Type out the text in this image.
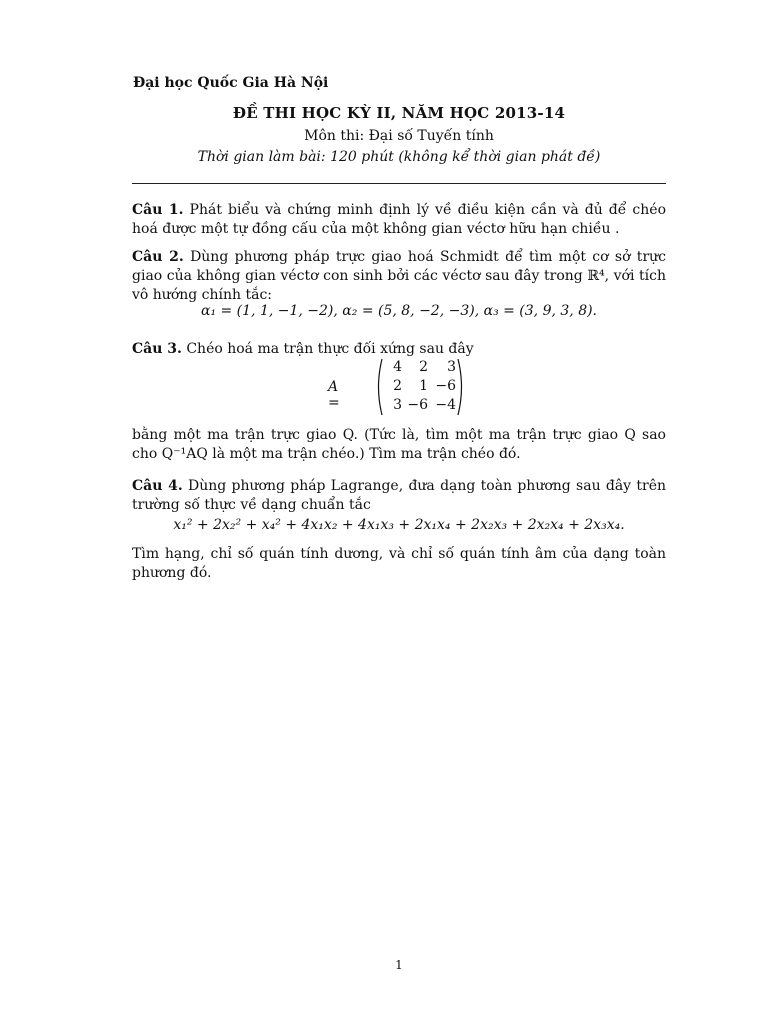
Đại học Quốc Gia Hà Nội
ĐỀ THI HỌC KỲ II, NĂM HỌC 2013-14
Môn thi: Đại số Tuyến tính
Thời gian làm bài: 120 phút (không kể thời gian phát đề)
Câu 1. Phát biểu và chứng minh định lý về điều kiện cần và đủ để chéo hoá được một tự đồng cấu của một không gian véctơ hữu hạn chiều .
Câu 2. Dùng phương pháp trực giao hoá Schmidt để tìm một cơ sở trực giao của không gian véctơ con sinh bởi các véctơ sau đây trong ℝ⁴, với tích vô hướng chính tắc:
α₁ = (1, 1, −1, −2), α₂ = (5, 8, −2, −3), α₃ = (3, 9, 3, 8).
Câu 3. Chéo hoá ma trận thực đối xứng sau đây
A =
4	2	3
2	1 −6
3 −6 −4
bằng một ma trận trực giao Q. (Tức là, tìm một ma trận trực giao Q sao cho Q⁻¹AQ là một ma trận chéo.) Tìm ma trận chéo đó.
Câu 4. Dùng phương pháp Lagrange, đưa dạng toàn phương sau đây trên trường số thực về dạng chuẩn tắc
x₁² + 2x₂² + x₄² + 4x₁x₂ + 4x₁x₃ + 2x₁x₄ + 2x₂x₃ + 2x₂x₄ + 2x₃x₄.
Tìm hạng, chỉ số quán tính dương, và chỉ số quán tính âm của dạng toàn phương đó.
1
